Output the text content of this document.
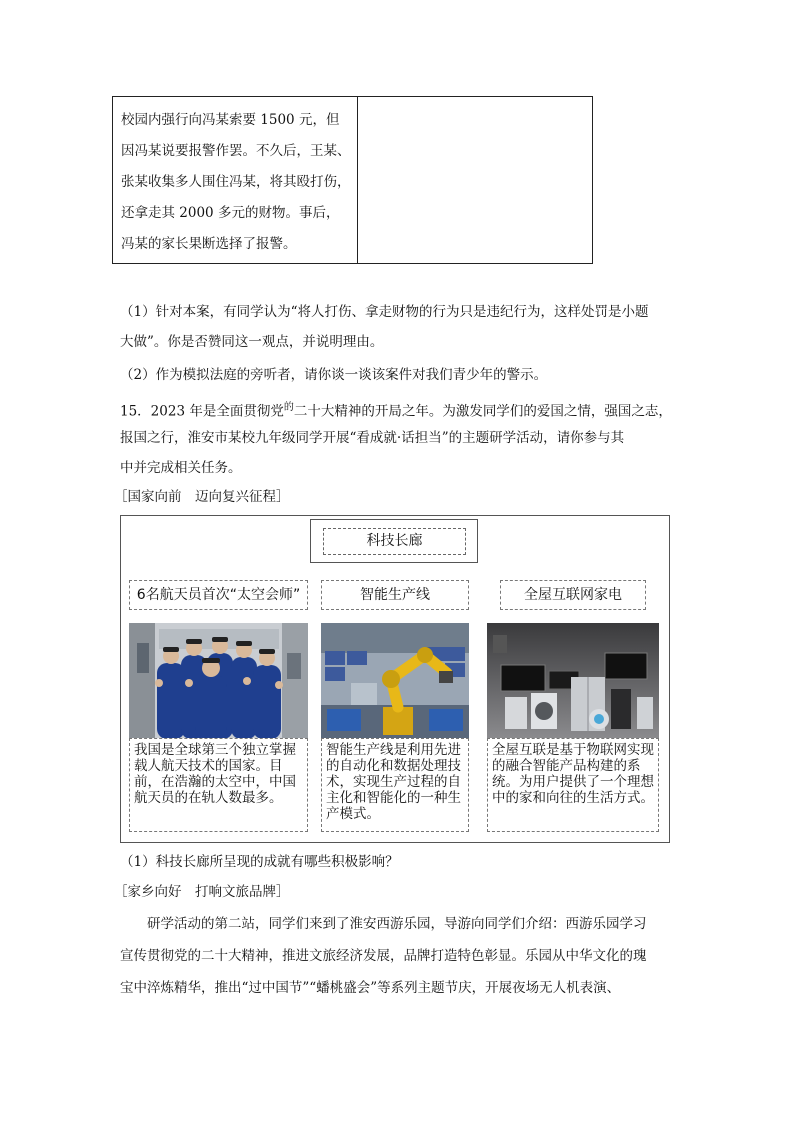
校园内强行向冯某索要 1500 元，但
因冯某说要报警作罢。不久后，王某、
张某收集多人围住冯某，将其殴打伤，
还拿走其 2000 多元的财物。事后，
冯某的家长果断选择了报警。
（1）针对本案，有同学认为“将人打伤、拿走财物的行为只是违纪行为，这样处罚是小题
大做”。你是否赞同这一观点，并说明理由。
（2）作为模拟法庭的旁听者，请你谈一谈该案件对我们青少年的警示。
15．2023 年是全面贯彻党$^的$二十大精神的开局之年。为激发同学们的爱国之情，强国之志，
报国之行，淮安市某校九年级同学开展“看成就·话担当”的主题研学活动，请你参与其
中并完成相关任务。
［国家向前　迈向复兴征程］
科技长廊
6名航天员首次“太空会师”	智能生产线	全屋互联网家电
我国是全球第三个独立掌握载人航天技术的国家。目前，在浩瀚的太空中，中国航天员的在轨人数最多。
智能生产线是利用先进的自动化和数据处理技术，实现生产过程的自主化和智能化的一种生产模式。
全屋互联是基于物联网实现的融合智能产品构建的系统。为用户提供了一个理想中的家和向往的生活方式。
（1）科技长廊所呈现的成就有哪些积极影响？
［家乡向好　打响文旅品牌］
研学活动的第二站，同学们来到了淮安西游乐园，导游向同学们介绍：西游乐园学习
宣传贯彻党的二十大精神，推进文旅经济发展，品牌打造特色彰显。乐园从中华文化的瑰
宝中淬炼精华，推出“过中国节”“蟠桃盛会”等系列主题节庆，开展夜场无人机表演、
